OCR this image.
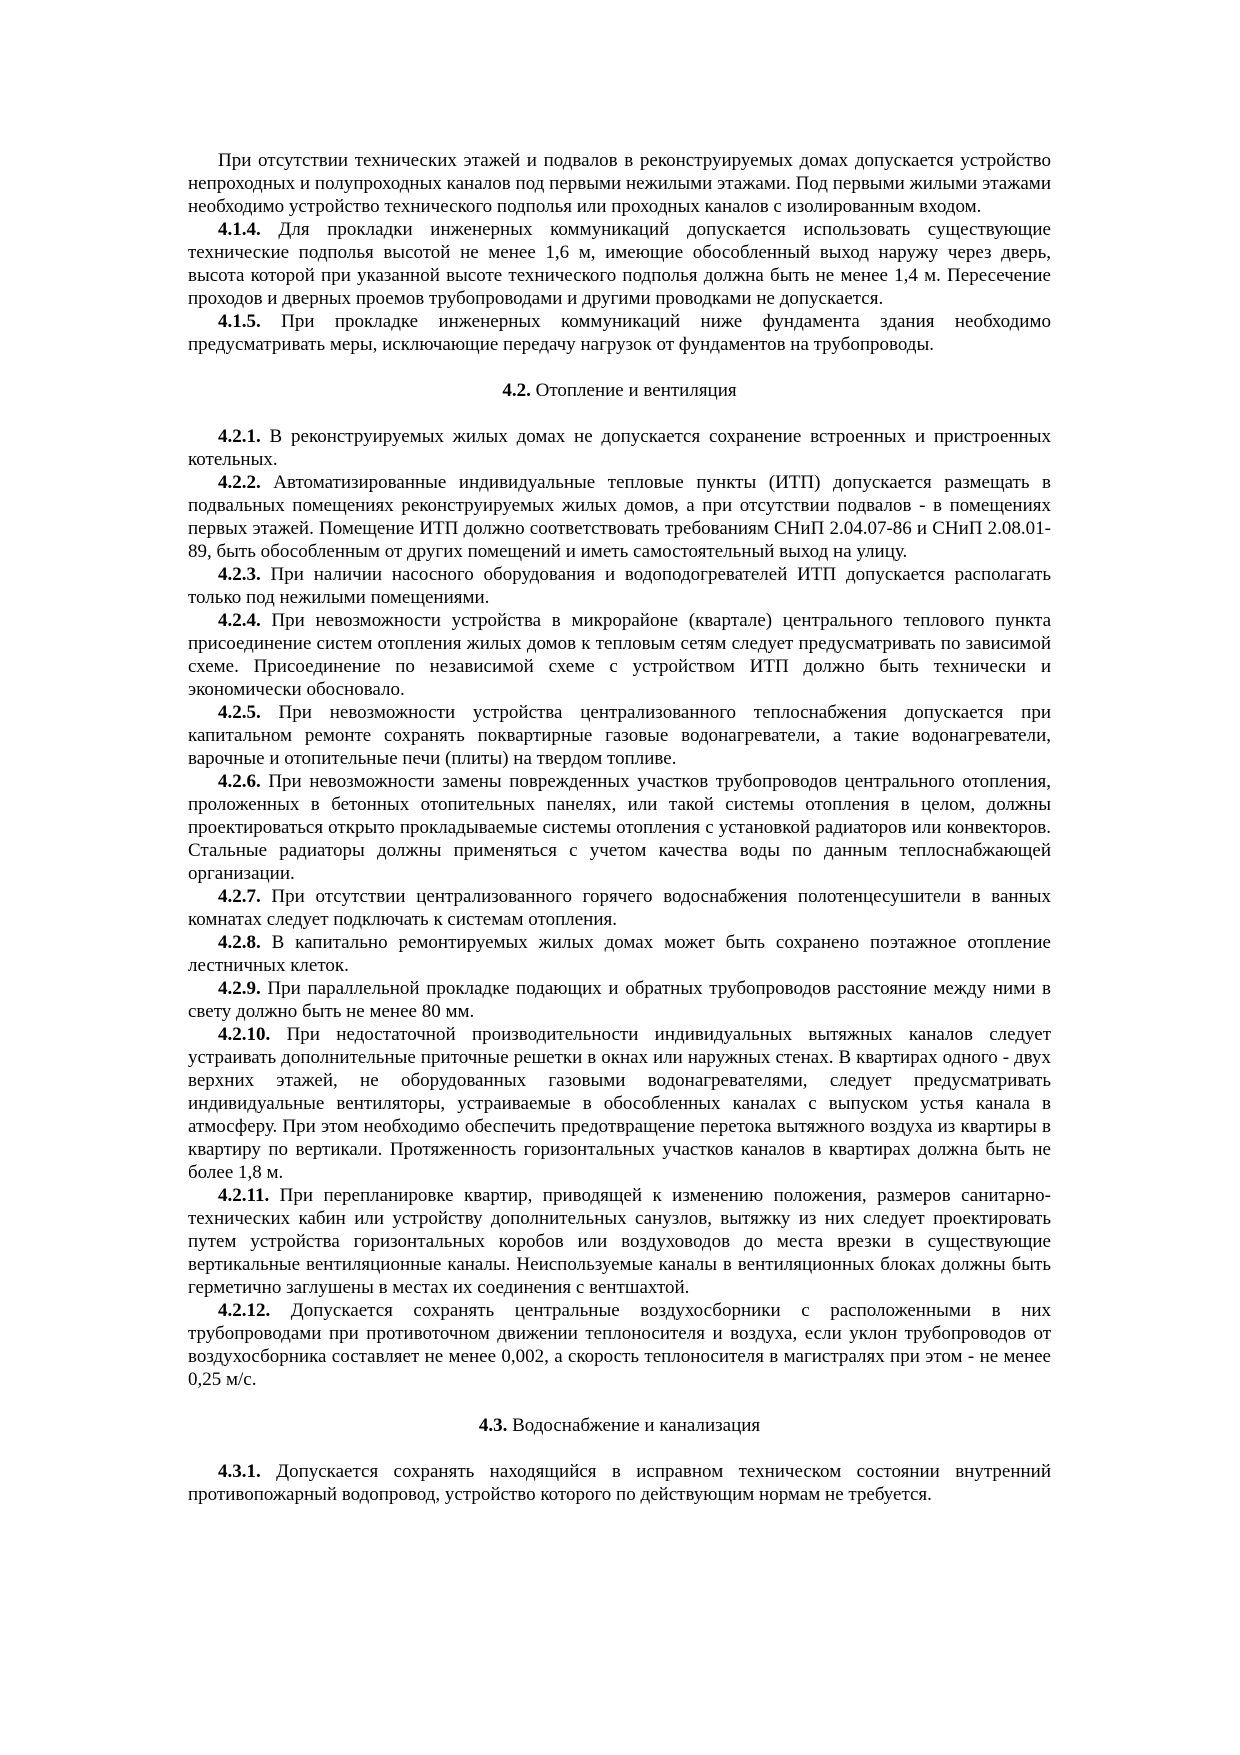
При отсутствии технических этажей и подвалов в реконструируемых домах допускается устройство непроходных и полупроходных каналов под первыми нежилыми этажами. Под первыми жилыми этажами необходимо устройство технического подполья или проходных каналов с изолированным входом.

4.1.4. Для прокладки инженерных коммуникаций допускается использовать существующие технические подполья высотой не менее 1,6 м, имеющие обособленный выход наружу через дверь, высота которой при указанной высоте технического подполья должна быть не менее 1,4 м. Пересечение проходов и дверных проемов трубопроводами и другими проводками не допускается.

4.1.5. При прокладке инженерных коммуникаций ниже фундамента здания необходимо предусматривать меры, исключающие передачу нагрузок от фундаментов на трубопроводы.

4.2. Отопление и вентиляция

4.2.1. В реконструируемых жилых домах не допускается сохранение встроенных и пристроенных котельных.

4.2.2. Автоматизированные индивидуальные тепловые пункты (ИТП) допускается размещать в подвальных помещениях реконструируемых жилых домов, а при отсутствии подвалов - в помещениях первых этажей. Помещение ИТП должно соответствовать требованиям СНиП 2.04.07-86 и СНиП 2.08.01-89, быть обособленным от других помещений и иметь самостоятельный выход на улицу.

4.2.3. При наличии насосного оборудования и водоподогревателей ИТП допускается располагать только под нежилыми помещениями.

4.2.4. При невозможности устройства в микрорайоне (квартале) центрального теплового пункта присоединение систем отопления жилых домов к тепловым сетям следует предусматривать по зависимой схеме. Присоединение по независимой схеме с устройством ИТП должно быть технически и экономически обосновало.

4.2.5. При невозможности устройства централизованного теплоснабжения допускается при капитальном ремонте сохранять поквартирные газовые водонагреватели, а такие водонагреватели, варочные и отопительные печи (плиты) на твердом топливе.

4.2.6. При невозможности замены поврежденных участков трубопроводов центрального отопления, проложенных в бетонных отопительных панелях, или такой системы отопления в целом, должны проектироваться открыто прокладываемые системы отопления с установкой радиаторов или конвекторов. Стальные радиаторы должны применяться с учетом качества воды по данным теплоснабжающей организации.

4.2.7. При отсутствии централизованного горячего водоснабжения полотенцесушители в ванных комнатах следует подключать к системам отопления.

4.2.8. В капитально ремонтируемых жилых домах может быть сохранено поэтажное отопление лестничных клеток.

4.2.9. При параллельной прокладке подающих и обратных трубопроводов расстояние между ними в свету должно быть не менее 80 мм.

4.2.10. При недостаточной производительности индивидуальных вытяжных каналов следует устраивать дополнительные приточные решетки в окнах или наружных стенах. В квартирах одного - двух верхних этажей, не оборудованных газовыми водонагревателями, следует предусматривать индивидуальные вентиляторы, устраиваемые в обособленных каналах с выпуском устья канала в атмосферу. При этом необходимо обеспечить предотвращение перетока вытяжного воздуха из квартиры в квартиру по вертикали. Протяженность горизонтальных участков каналов в квартирах должна быть не более 1,8 м.

4.2.11. При перепланировке квартир, приводящей к изменению положения, размеров санитарно-технических кабин или устройству дополнительных санузлов, вытяжку из них следует проектировать путем устройства горизонтальных коробов или воздуховодов до места врезки в существующие вертикальные вентиляционные каналы. Неиспользуемые каналы в вентиляционных блоках должны быть герметично заглушены в местах их соединения с вентшахтой.

4.2.12. Допускается сохранять центральные воздухосборники с расположенными в них трубопроводами при противоточном движении теплоносителя и воздуха, если уклон трубопроводов от воздухосборника составляет не менее 0,002, а скорость теплоносителя в магистралях при этом - не менее 0,25 м/с.

4.3. Водоснабжение и канализация

4.3.1. Допускается сохранять находящийся в исправном техническом состоянии внутренний противопожарный водопровод, устройство которого по действующим нормам не требуется.
